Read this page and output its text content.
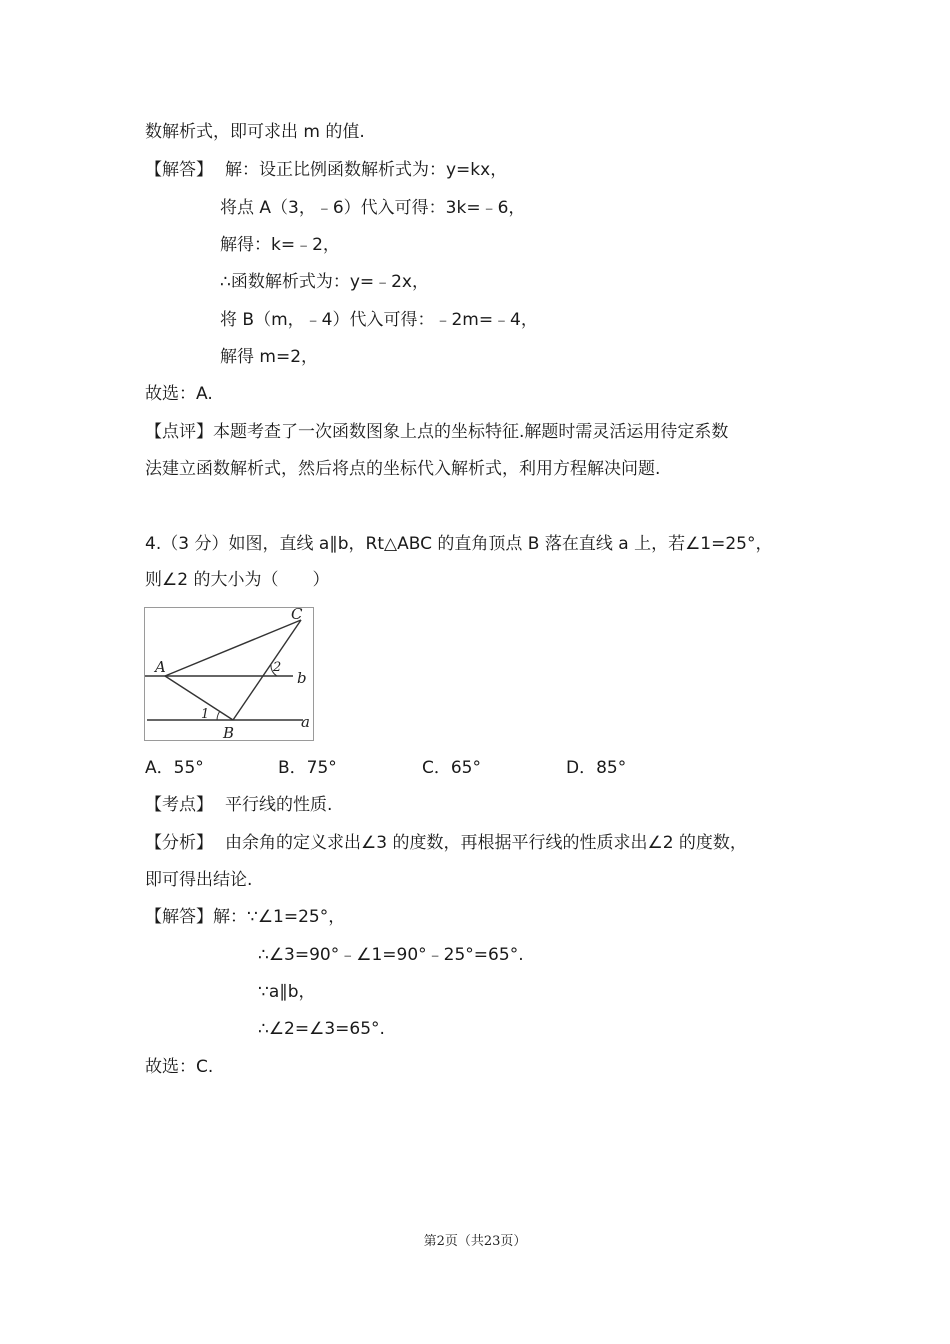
数解析式，即可求出 m 的值.
【解答】 解：设正比例函数解析式为：y=kx，
将点 A（3，﹣6）代入可得：3k=﹣6，
解得：k=﹣2，
∴函数解析式为：y=﹣2x，
将 B（m，﹣4）代入可得：﹣2m=﹣4，
解得 m=2，
故选：A.
【点评】本题考查了一次函数图象上点的坐标特征.解题时需灵活运用待定系数
法建立函数解析式，然后将点的坐标代入解析式，利用方程解决问题.
4.（3 分）如图，直线 a∥b，Rt△ABC 的直角顶点 B 落在直线 a 上，若∠1=25°，
则∠2 的大小为（　　）
A
B
C
b
a
1
2
A．55°	B．75°	C．65°	D．85°
【考点】 平行线的性质.
【分析】 由余角的定义求出∠3 的度数，再根据平行线的性质求出∠2 的度数，
即可得出结论.
【解答】解：∵∠1=25°，
∴∠3=90°﹣∠1=90°﹣25°=65°.
∵a∥b，
∴∠2=∠3=65°.
故选：C.
第2页（共23页）
